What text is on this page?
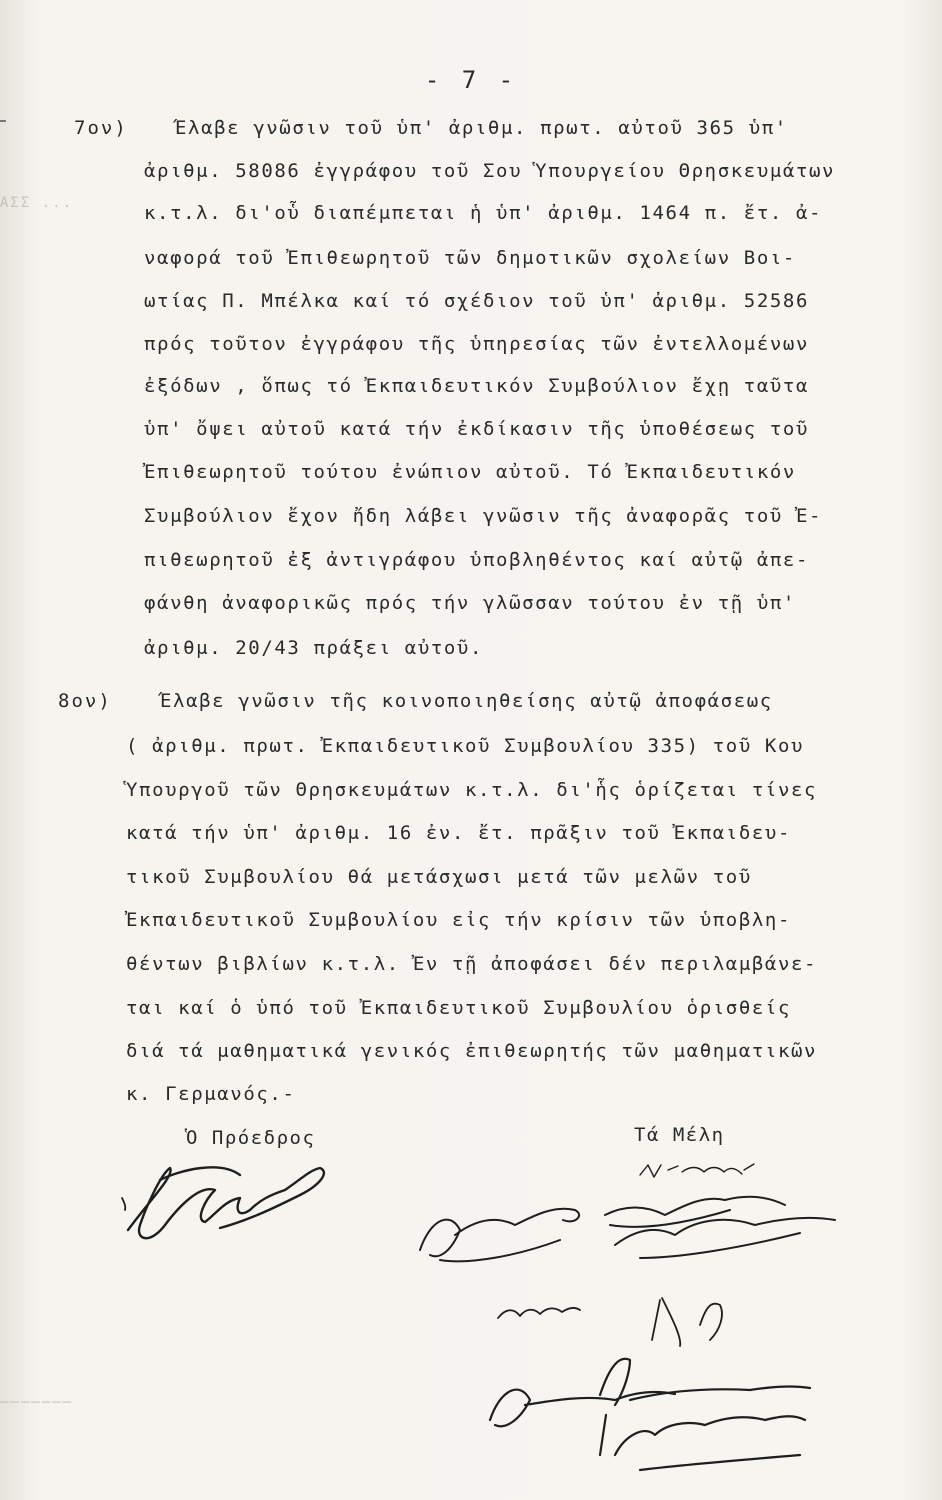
ΑΣΣ ...
───────
- 7 -
7ον) Έλαβε γνῶσιν τοῦ ὑπ' ἀριθμ. πρωτ. αὐτοῦ 365 ὑπ'
ἀριθμ. 58086 ἐγγράφου τοῦ Σου Ὑπουργείου Θρησκευμάτων
κ.τ.λ. δι'οὗ διαπέμπεται ἡ ὑπ' ἀριθμ. 1464 π. ἔτ. ἀ-
ναφορά τοῦ Ἐπιθεωρητοῦ τῶν δημοτικῶν σχολείων Βοι-
ωτίας Π. Μπέλκα καί τό σχέδιον τοῦ ὑπ' ἀριθμ. 52586
πρός τοῦτον ἐγγράφου τῆς ὑπηρεσίας τῶν ἐντελλομένων
ἐξόδων , ὅπως τό Ἐκπαιδευτικόν Συμβούλιον ἔχῃ ταῦτα
ὑπ' ὄψει αὐτοῦ κατά τήν ἐκδίκασιν τῆς ὑποθέσεως τοῦ
Ἐπιθεωρητοῦ τούτου ἐνώπιον αὐτοῦ. Τό Ἐκπαιδευτικόν
Συμβούλιον ἔχον ἤδη λάβει γνῶσιν τῆς ἀναφορᾶς τοῦ Ἐ-
πιθεωρητοῦ ἐξ ἀντιγράφου ὑποβληθέντος καί αὐτῷ ἀπε-
φάνθη ἀναφορικῶς πρός τήν γλῶσσαν τούτου ἐν τῇ ὑπ'
ἀριθμ. 20/43 πράξει αὐτοῦ.
8ον)	Έλαβε γνῶσιν τῆς κοινοποιηθείσης αὐτῷ ἀποφάσεως
( ἀριθμ. πρωτ. Ἐκπαιδευτικοῦ Συμβουλίου 335) τοῦ Κου
Ὑπουργοῦ τῶν Θρησκευμάτων κ.τ.λ. δι'ἧς ὁρίζεται τίνες
κατά τήν ὑπ' ἀριθμ. 16 ἐν. ἔτ. πρᾶξιν τοῦ Ἐκπαιδευ-
τικοῦ Συμβουλίου θά μετάσχωσι μετά τῶν μελῶν τοῦ
Ἐκπαιδευτικοῦ Συμβουλίου εἰς τήν κρίσιν τῶν ὑποβλη-
θέντων βιβλίων κ.τ.λ. Ἐν τῇ ἀποφάσει δέν περιλαμβάνε-
ται καί ὁ ὑπό τοῦ Ἐκπαιδευτικοῦ Συμβουλίου ὁρισθείς
διά τά μαθηματικά γενικός ἐπιθεωρητής τῶν μαθηματικῶν
κ. Γερμανός.-
Ὁ Πρόεδρος	Τά Μέλη
